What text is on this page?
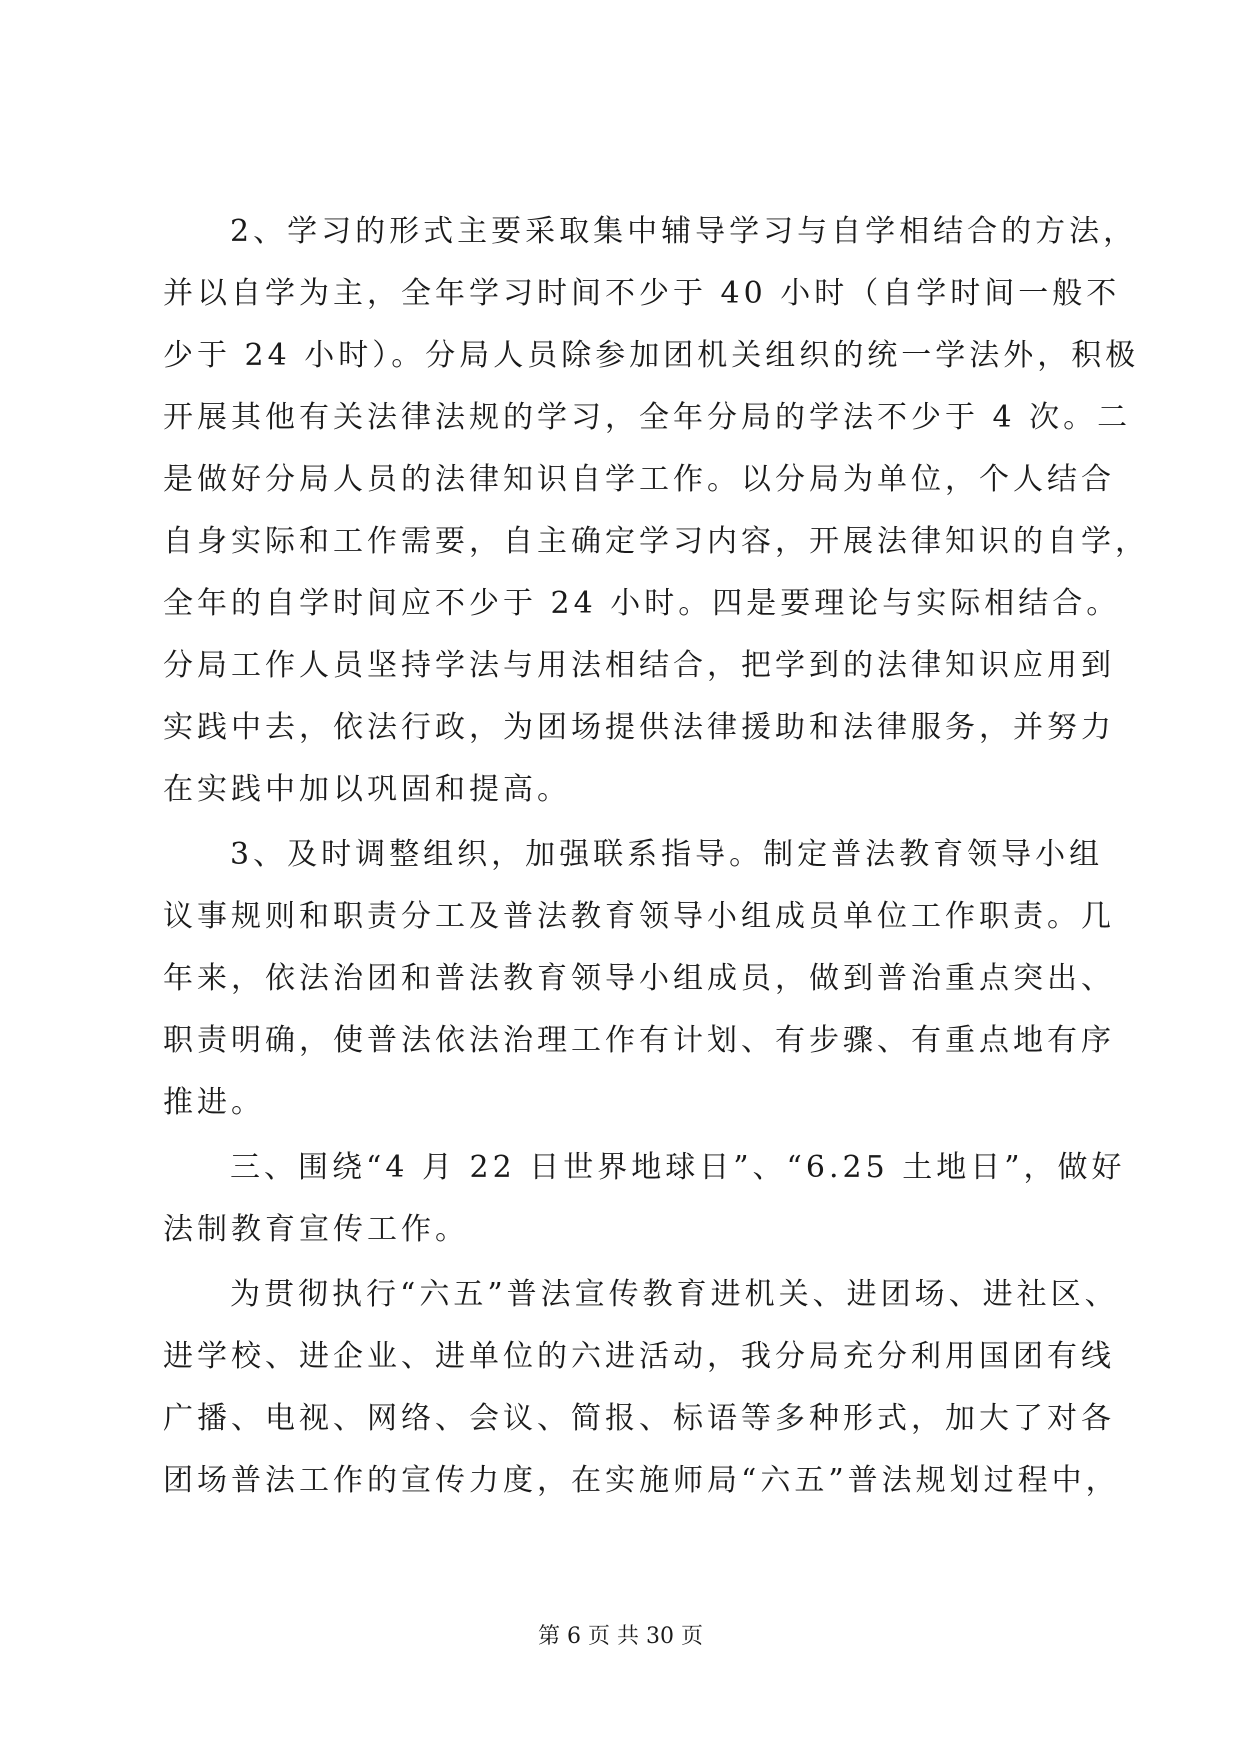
2、学习的形式主要采取集中辅导学习与自学相结合的方法，
并以自学为主，全年学习时间不少于 40 小时（自学时间一般不
少于 24 小时）。分局人员除参加团机关组织的统一学法外，积极
开展其他有关法律法规的学习，全年分局的学法不少于 4 次。二
是做好分局人员的法律知识自学工作。以分局为单位，个人结合
自身实际和工作需要，自主确定学习内容，开展法律知识的自学，
全年的自学时间应不少于 24 小时。四是要理论与实际相结合。
分局工作人员坚持学法与用法相结合，把学到的法律知识应用到
实践中去，依法行政，为团场提供法律援助和法律服务，并努力
在实践中加以巩固和提高。
3、及时调整组织，加强联系指导。制定普法教育领导小组
议事规则和职责分工及普法教育领导小组成员单位工作职责。几
年来，依法治团和普法教育领导小组成员，做到普治重点突出、
职责明确，使普法依法治理工作有计划、有步骤、有重点地有序
推进。
三、围绕“4 月 22 日世界地球日”、“6.25 土地日”，做好
法制教育宣传工作。
为贯彻执行“六五”普法宣传教育进机关、进团场、进社区、
进学校、进企业、进单位的六进活动，我分局充分利用国团有线
广播、电视、网络、会议、简报、标语等多种形式，加大了对各
团场普法工作的宣传力度，在实施师局“六五”普法规划过程中，
第 6 页 共 30 页
